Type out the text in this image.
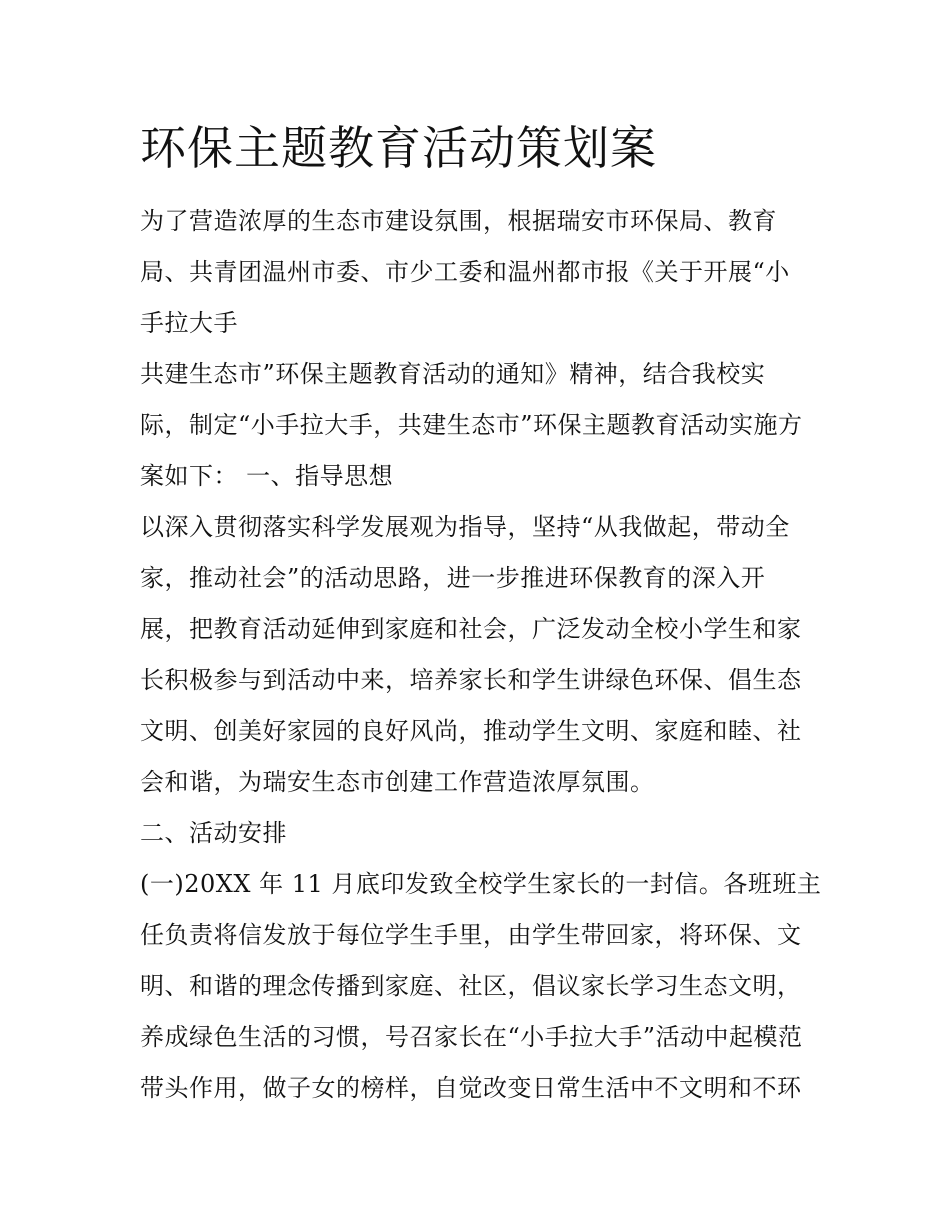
环保主题教育活动策划案
为了营造浓厚的生态市建设氛围，根据瑞安市环保局、教育
局、共青团温州市委、市少工委和温州都市报《关于开展“小
手拉大手
共建生态市”环保主题教育活动的通知》精神，结合我校实
际，制定“小手拉大手，共建生态市”环保主题教育活动实施方
案如下： 一、指导思想
以深入贯彻落实科学发展观为指导，坚持“从我做起，带动全
家，推动社会”的活动思路，进一步推进环保教育的深入开
展，把教育活动延伸到家庭和社会，广泛发动全校小学生和家
长积极参与到活动中来，培养家长和学生讲绿色环保、倡生态
文明、创美好家园的良好风尚，推动学生文明、家庭和睦、社
会和谐，为瑞安生态市创建工作营造浓厚氛围。
二、活动安排
(一)20XX 年 11 月底印发致全校学生家长的一封信。各班班主
任负责将信发放于每位学生手里，由学生带回家，将环保、文
明、和谐的理念传播到家庭、社区，倡议家长学习生态文明，
养成绿色生活的习惯，号召家长在“小手拉大手”活动中起模范
带头作用，做子女的榜样，自觉改变日常生活中不文明和不环
